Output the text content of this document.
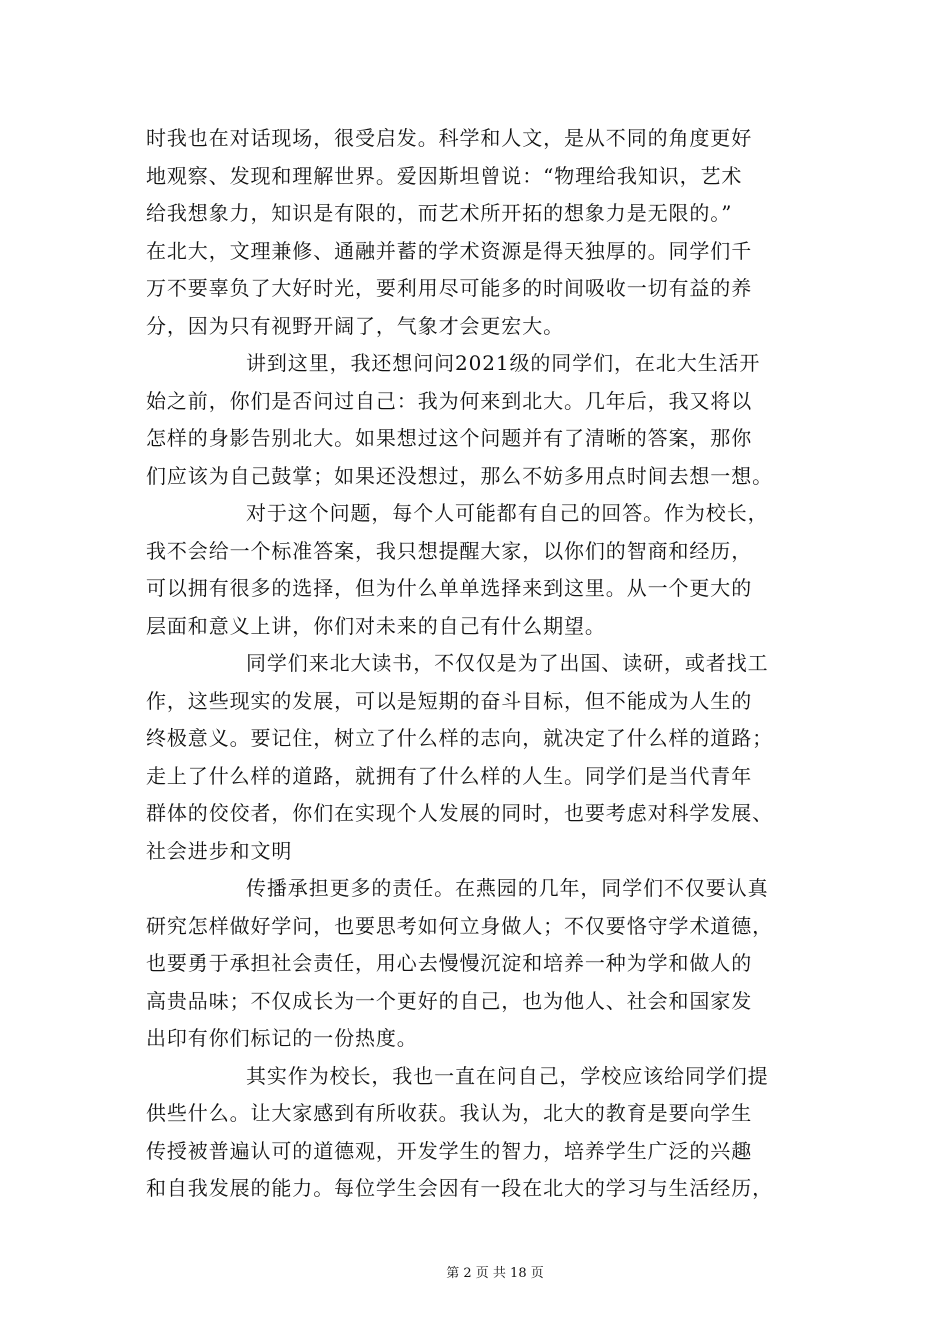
时我也在对话现场，很受启发。科学和人文，是从不同的角度更好
地观察、发现和理解世界。爱因斯坦曾说：“物理给我知识，艺术
给我想象力，知识是有限的，而艺术所开拓的想象力是无限的。”
在北大，文理兼修、通融并蓄的学术资源是得天独厚的。同学们千
万不要辜负了大好时光，要利用尽可能多的时间吸收一切有益的养
分，因为只有视野开阔了，气象才会更宏大。
讲到这里，我还想问问2021级的同学们，在北大生活开
始之前，你们是否问过自己：我为何来到北大。几年后，我又将以
怎样的身影告别北大。如果想过这个问题并有了清晰的答案，那你
们应该为自己鼓掌；如果还没想过，那么不妨多用点时间去想一想。
对于这个问题，每个人可能都有自己的回答。作为校长，
我不会给一个标准答案，我只想提醒大家，以你们的智商和经历，
可以拥有很多的选择，但为什么单单选择来到这里。从一个更大的
层面和意义上讲，你们对未来的自己有什么期望。
同学们来北大读书，不仅仅是为了出国、读研，或者找工
作，这些现实的发展，可以是短期的奋斗目标，但不能成为人生的
终极意义。要记住，树立了什么样的志向，就决定了什么样的道路；
走上了什么样的道路，就拥有了什么样的人生。同学们是当代青年
群体的佼佼者，你们在实现个人发展的同时，也要考虑对科学发展、
社会进步和文明
传播承担更多的责任。在燕园的几年，同学们不仅要认真
研究怎样做好学问，也要思考如何立身做人；不仅要恪守学术道德，
也要勇于承担社会责任，用心去慢慢沉淀和培养一种为学和做人的
高贵品味；不仅成长为一个更好的自己，也为他人、社会和国家发
出印有你们标记的一份热度。
其实作为校长，我也一直在问自己，学校应该给同学们提
供些什么。让大家感到有所收获。我认为，北大的教育是要向学生
传授被普遍认可的道德观，开发学生的智力，培养学生广泛的兴趣
和自我发展的能力。每位学生会因有一段在北大的学习与生活经历，
第 2 页 共 18 页
